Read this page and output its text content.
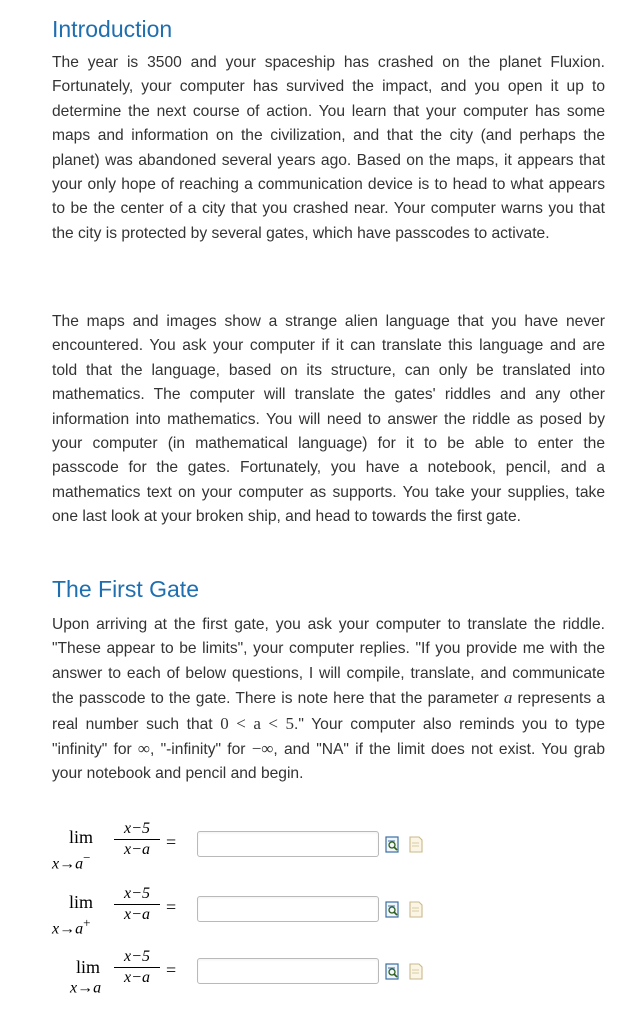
Introduction

The year is 3500 and your spaceship has crashed on the planet Fluxion. Fortunately, your computer has survived the impact, and you open it up to determine the next course of action. You learn that your computer has some maps and information on the civilization, and that the city (and perhaps the planet) was abandoned several years ago. Based on the maps, it appears that your only hope of reaching a communication device is to head to what appears to be the center of a city that you crashed near. Your computer warns you that the city is protected by several gates, which have passcodes to activate.

The maps and images show a strange alien language that you have never encountered. You ask your computer if it can translate this language and are told that the language, based on its structure, can only be translated into mathematics. The computer will translate the gates' riddles and any other information into mathematics. You will need to answer the riddle as posed by your computer (in mathematical language) for it to be able to enter the passcode for the gates. Fortunately, you have a notebook, pencil, and a mathematics text on your computer as supports. You take your supplies, take one last look at your broken ship, and head to towards the first gate.

The First Gate

Upon arriving at the first gate, you ask your computer to translate the riddle. "These appear to be limits", your computer replies. "If you provide me with the answer to each of below questions, I will compile, translate, and communicate the passcode to the gate. There is note here that the parameter a represents a real number such that 0 < a < 5." Your computer also reminds you to type "infinity" for ∞, "-infinity" for −∞, and "NA" if the limit does not exist. You grab your notebook and pencil and begin.

lim
x→a−
x−5
x−a =
lim
x→a+
x−5
x−a =
lim
x→a
x−5
x−a =
